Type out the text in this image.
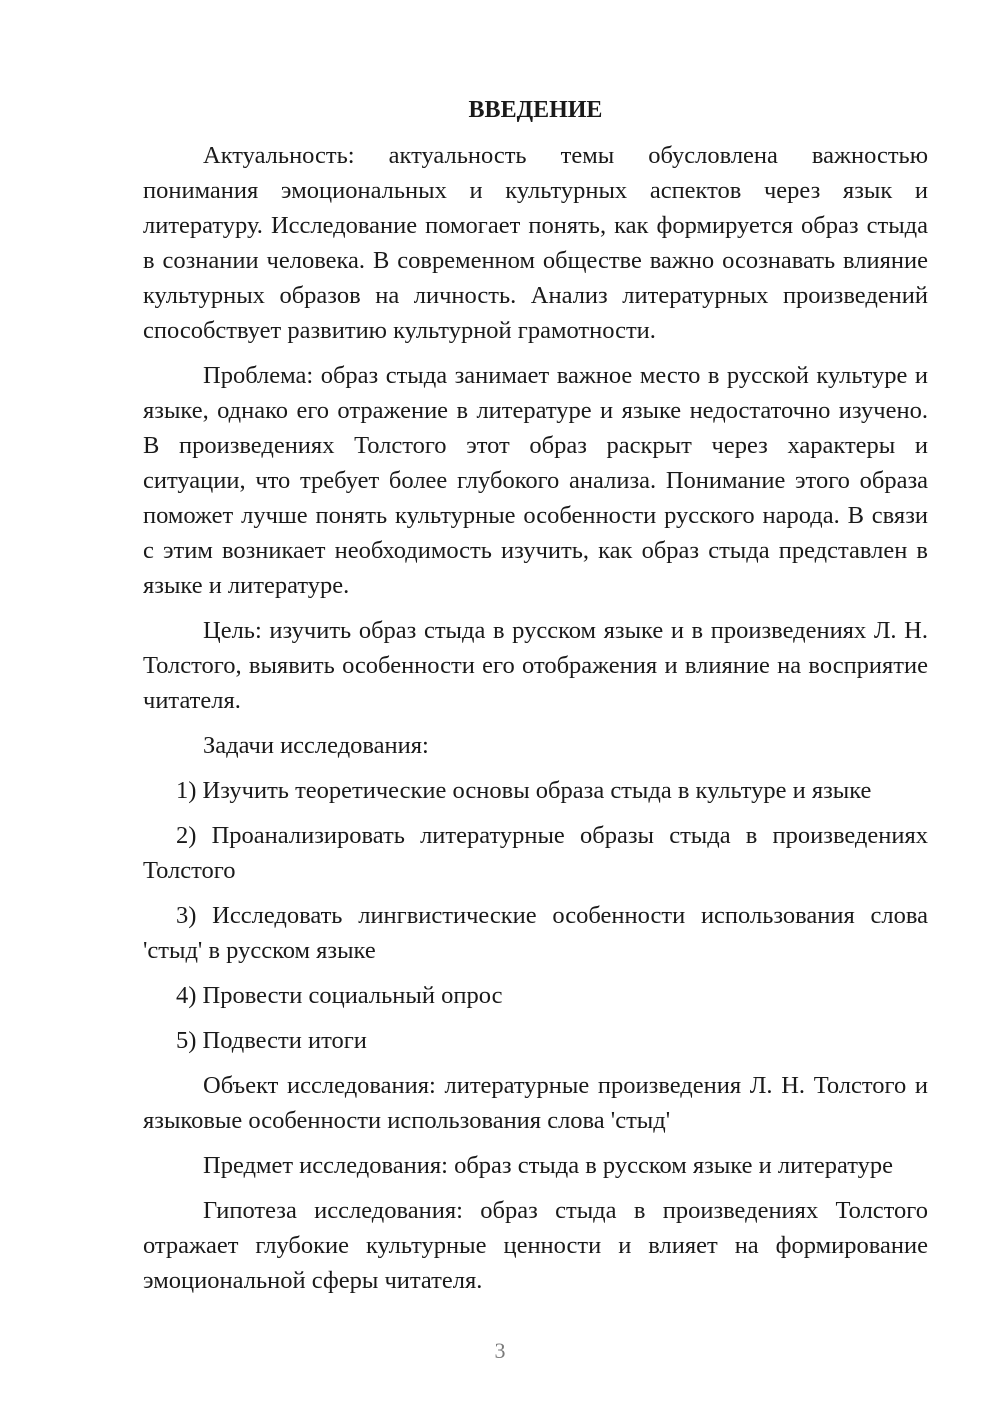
ВВЕДЕНИЕ

Актуальность: актуальность темы обусловлена важностью понимания эмоциональных и культурных аспектов через язык и литературу. Исследование помогает понять, как формируется образ стыда в сознании человека. В современном обществе важно осознавать влияние культурных образов на личность. Анализ литературных произведений способствует развитию культурной грамотности.

Проблема: образ стыда занимает важное место в русской культуре и языке, однако его отражение в литературе и языке недостаточно изучено. В произведениях Толстого этот образ раскрыт через характеры и ситуации, что требует более глубокого анализа. Понимание этого образа поможет лучше понять культурные особенности русского народа. В связи с этим возникает необходимость изучить, как образ стыда представлен в языке и литературе.

Цель: изучить образ стыда в русском языке и в произведениях Л. Н. Толстого, выявить особенности его отображения и влияние на восприятие читателя.

Задачи исследования:

1) Изучить теоретические основы образа стыда в культуре и языке

2) Проанализировать литературные образы стыда в произведениях Толстого

3) Исследовать лингвистические особенности использования слова 'стыд' в русском языке

4) Провести социальный опрос

5) Подвести итоги

Объект исследования: литературные произведения Л. Н. Толстого и языковые особенности использования слова 'стыд'

Предмет исследования: образ стыда в русском языке и литературе

Гипотеза исследования: образ стыда в произведениях Толстого отражает глубокие культурные ценности и влияет на формирование эмоциональной сферы читателя.

3
